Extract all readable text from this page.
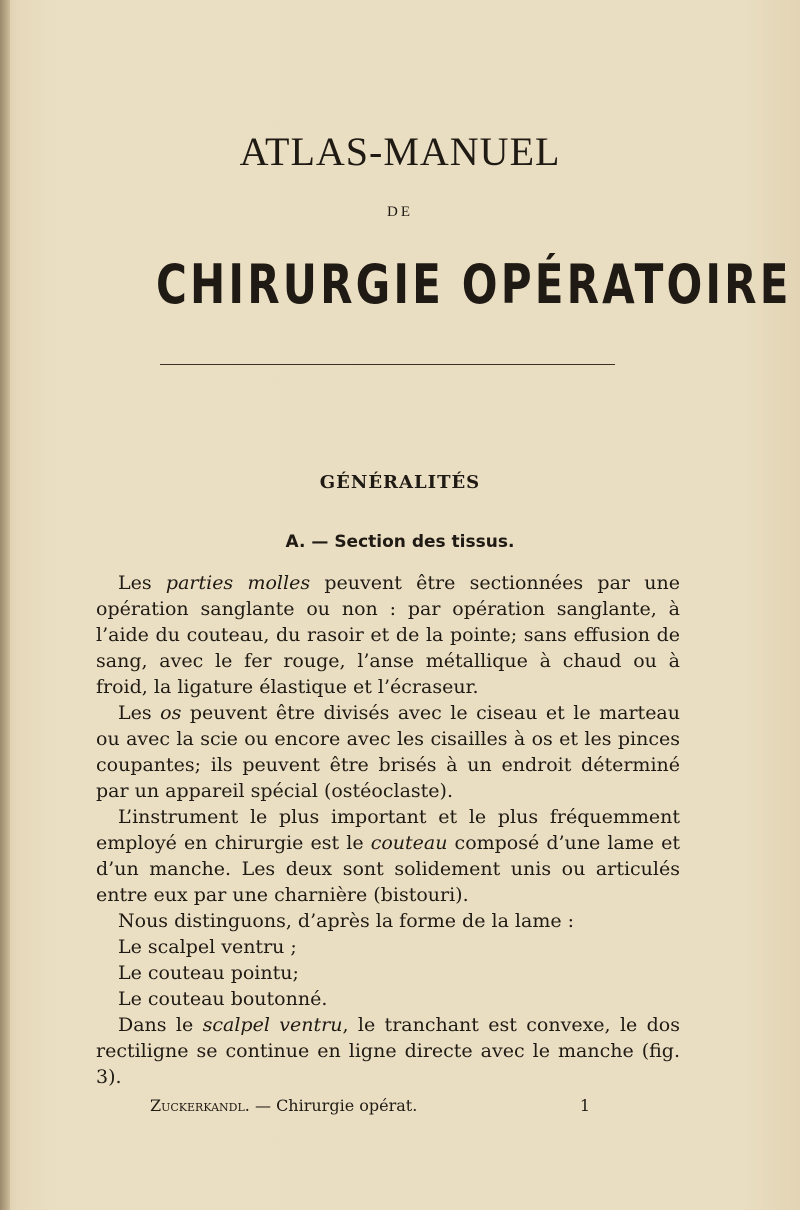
ATLAS-MANUEL
DE
CHIRURGIE OPÉRATOIRE
GÉNÉRALITÉS
A. — Section des tissus.

Les parties molles peuvent être sectionnées par une opération sanglante ou non : par opération sanglante, à l’aide du couteau, du rasoir et de la pointe; sans effusion de sang, avec le fer rouge, l’anse métallique à chaud ou à froid, la ligature élastique et l’écraseur.

Les os peuvent être divisés avec le ciseau et le marteau ou avec la scie ou encore avec les cisailles à os et les pinces coupantes; ils peuvent être brisés à un endroit déterminé par un appareil spécial (ostéoclaste).

L’instrument le plus important et le plus fréquemment employé en chirurgie est le couteau composé d’une lame et d’un manche. Les deux sont solidement unis ou articulés entre eux par une charnière (bistouri).

Nous distinguons, d’après la forme de la lame :

Le scalpel ventru ;

Le couteau pointu;

Le couteau boutonné.

Dans le scalpel ventru, le tranchant est convexe, le dos rectiligne se continue en ligne directe avec le manche (fig. 3).

Zuckerkandl. — Chirurgie opérat.	1
